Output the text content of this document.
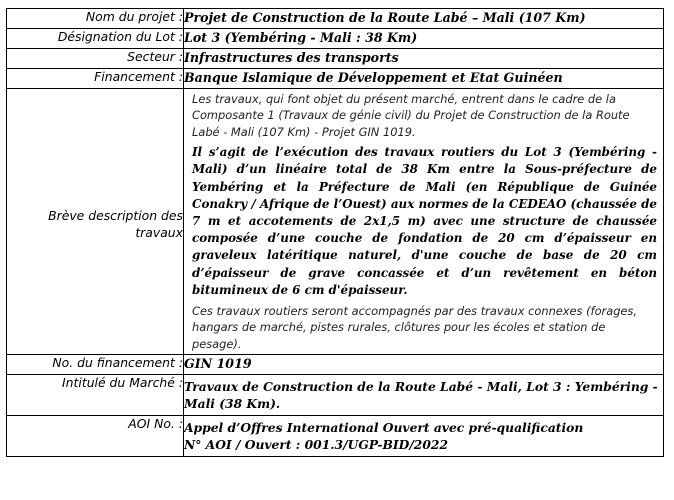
Nom du projet :	Projet de Construction de la Route Labé – Mali (107 Km)
Désignation du Lot :	Lot 3 (Yembéring - Mali : 38 Km)
Secteur :	Infrastructures des transports
Financement :	Banque Islamique de Développement et Etat Guinéen
Brève description des travaux	Les travaux, qui font objet du présent marché, entrent dans le cadre de la Composante 1 (Travaux de génie civil) du Projet de Construction de la Route Labé - Mali (107 Km) - Projet GIN 1019.

Il s’agit de l’exécution des travaux routiers du Lot 3 (Yembéring - Mali) d’un linéaire total de 38 Km entre la Sous-préfecture de Yembéring et la Préfecture de Mali (en République de Guinée Conakry / Afrique de l’Ouest) aux normes de la CEDEAO (chaussée de 7 m et accotements de 2x1,5 m) avec une structure de chaussée composée d’une couche de fondation de 20 cm d’épaisseur en graveleux latéritique naturel, d'une couche de base de 20 cm d’épaisseur de grave concassée et d’un revêtement en béton bitumineux de 6 cm d'épaisseur.

Ces travaux routiers seront accompagnés par des travaux connexes (forages, hangars de marché, pistes rurales, clôtures pour les écoles et station de pesage).

No. du financement :	GIN 1019
Intitulé du Marché :	Travaux de Construction de la Route Labé - Mali, Lot 3 : Yembéring - Mali (38 Km).
AOI No. :	Appel d’Offres International Ouvert avec pré-qualification
N° AOI / Ouvert : 001.3/UGP-BID/2022
